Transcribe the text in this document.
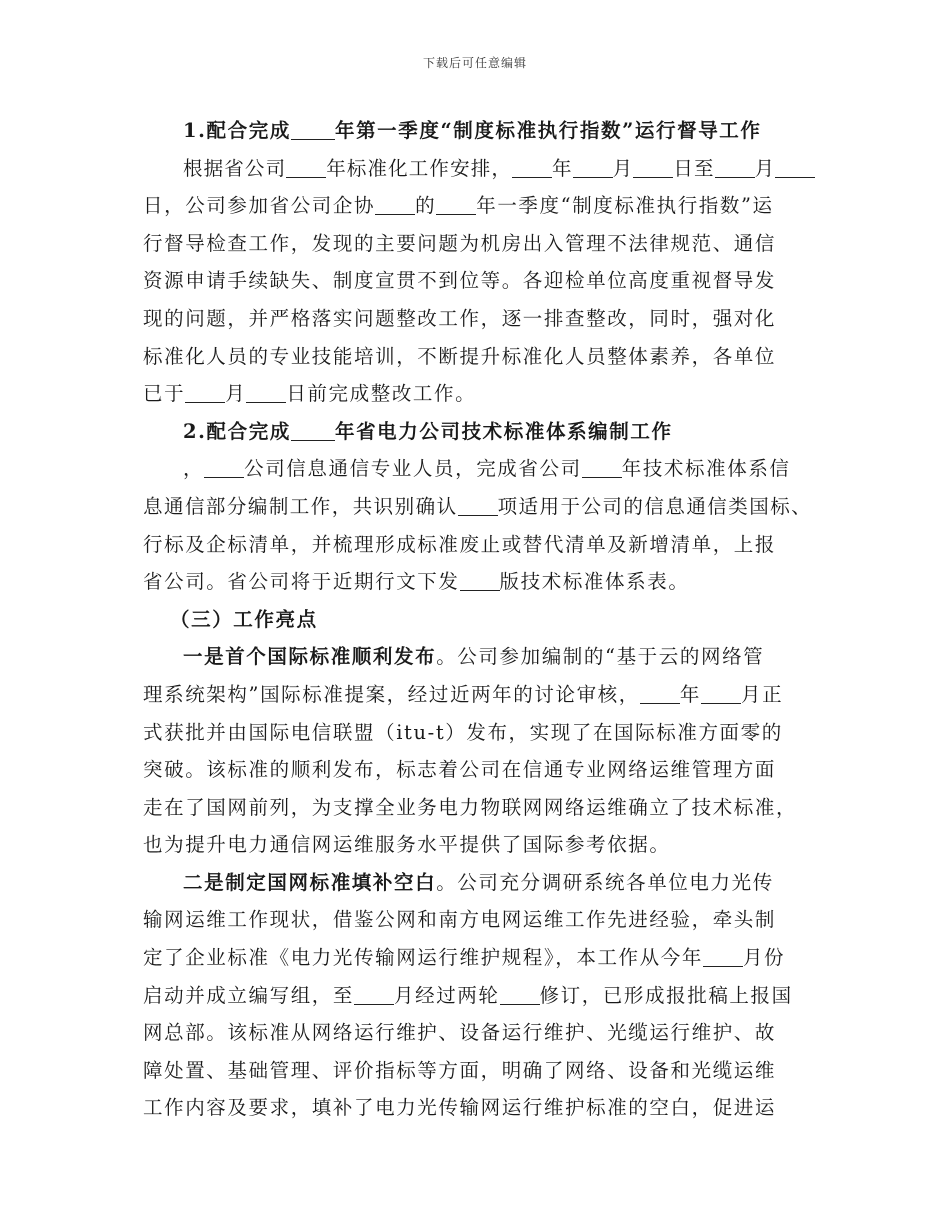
下载后可任意编辑
1.配合完成 年第一季度“制度标准执行指数”运行督导工作
根据省公司 年标准化工作安排， 年 月 日至 月
日，公司参加省公司企协 的 年一季度“制度标准执行指数”运
行督导检查工作，发现的主要问题为机房出入管理不法律规范、通信
资源申请手续缺失、制度宣贯不到位等。各迎检单位高度重视督导发
现的问题，并严格落实问题整改工作，逐一排查整改，同时，强对化
标准化人员的专业技能培训，不断提升标准化人员整体素养，各单位
已于 月 日前完成整改工作。
2.配合完成 年省电力公司技术标准体系编制工作
， 公司信息通信专业人员，完成省公司 年技术标准体系信
息通信部分编制工作，共识别确认 项适用于公司的信息通信类国标、
行标及企标清单，并梳理形成标准废止或替代清单及新增清单，上报
省公司。省公司将于近期行文下发 版技术标准体系表。
（三）工作亮点
一是首个国际标准顺利发布。公司参加编制的“基于云的网络管
理系统架构”国际标准提案，经过近两年的讨论审核， 年 月正
式获批并由国际电信联盟（itu-t）发布，实现了在国际标准方面零的
突破。该标准的顺利发布，标志着公司在信通专业网络运维管理方面
走在了国网前列，为支撑全业务电力物联网网络运维确立了技术标准，
也为提升电力通信网运维服务水平提供了国际参考依据。
二是制定国网标准填补空白。公司充分调研系统各单位电力光传
输网运维工作现状，借鉴公网和南方电网运维工作先进经验，牵头制
定了企业标准《电力光传输网运行维护规程》，本工作从今年 月份
启动并成立编写组，至 月经过两轮 修订，已形成报批稿上报国
网总部。该标准从网络运行维护、设备运行维护、光缆运行维护、故
障处置、基础管理、评价指标等方面，明确了网络、设备和光缆运维
工作内容及要求，填补了电力光传输网运行维护标准的空白，促进运
